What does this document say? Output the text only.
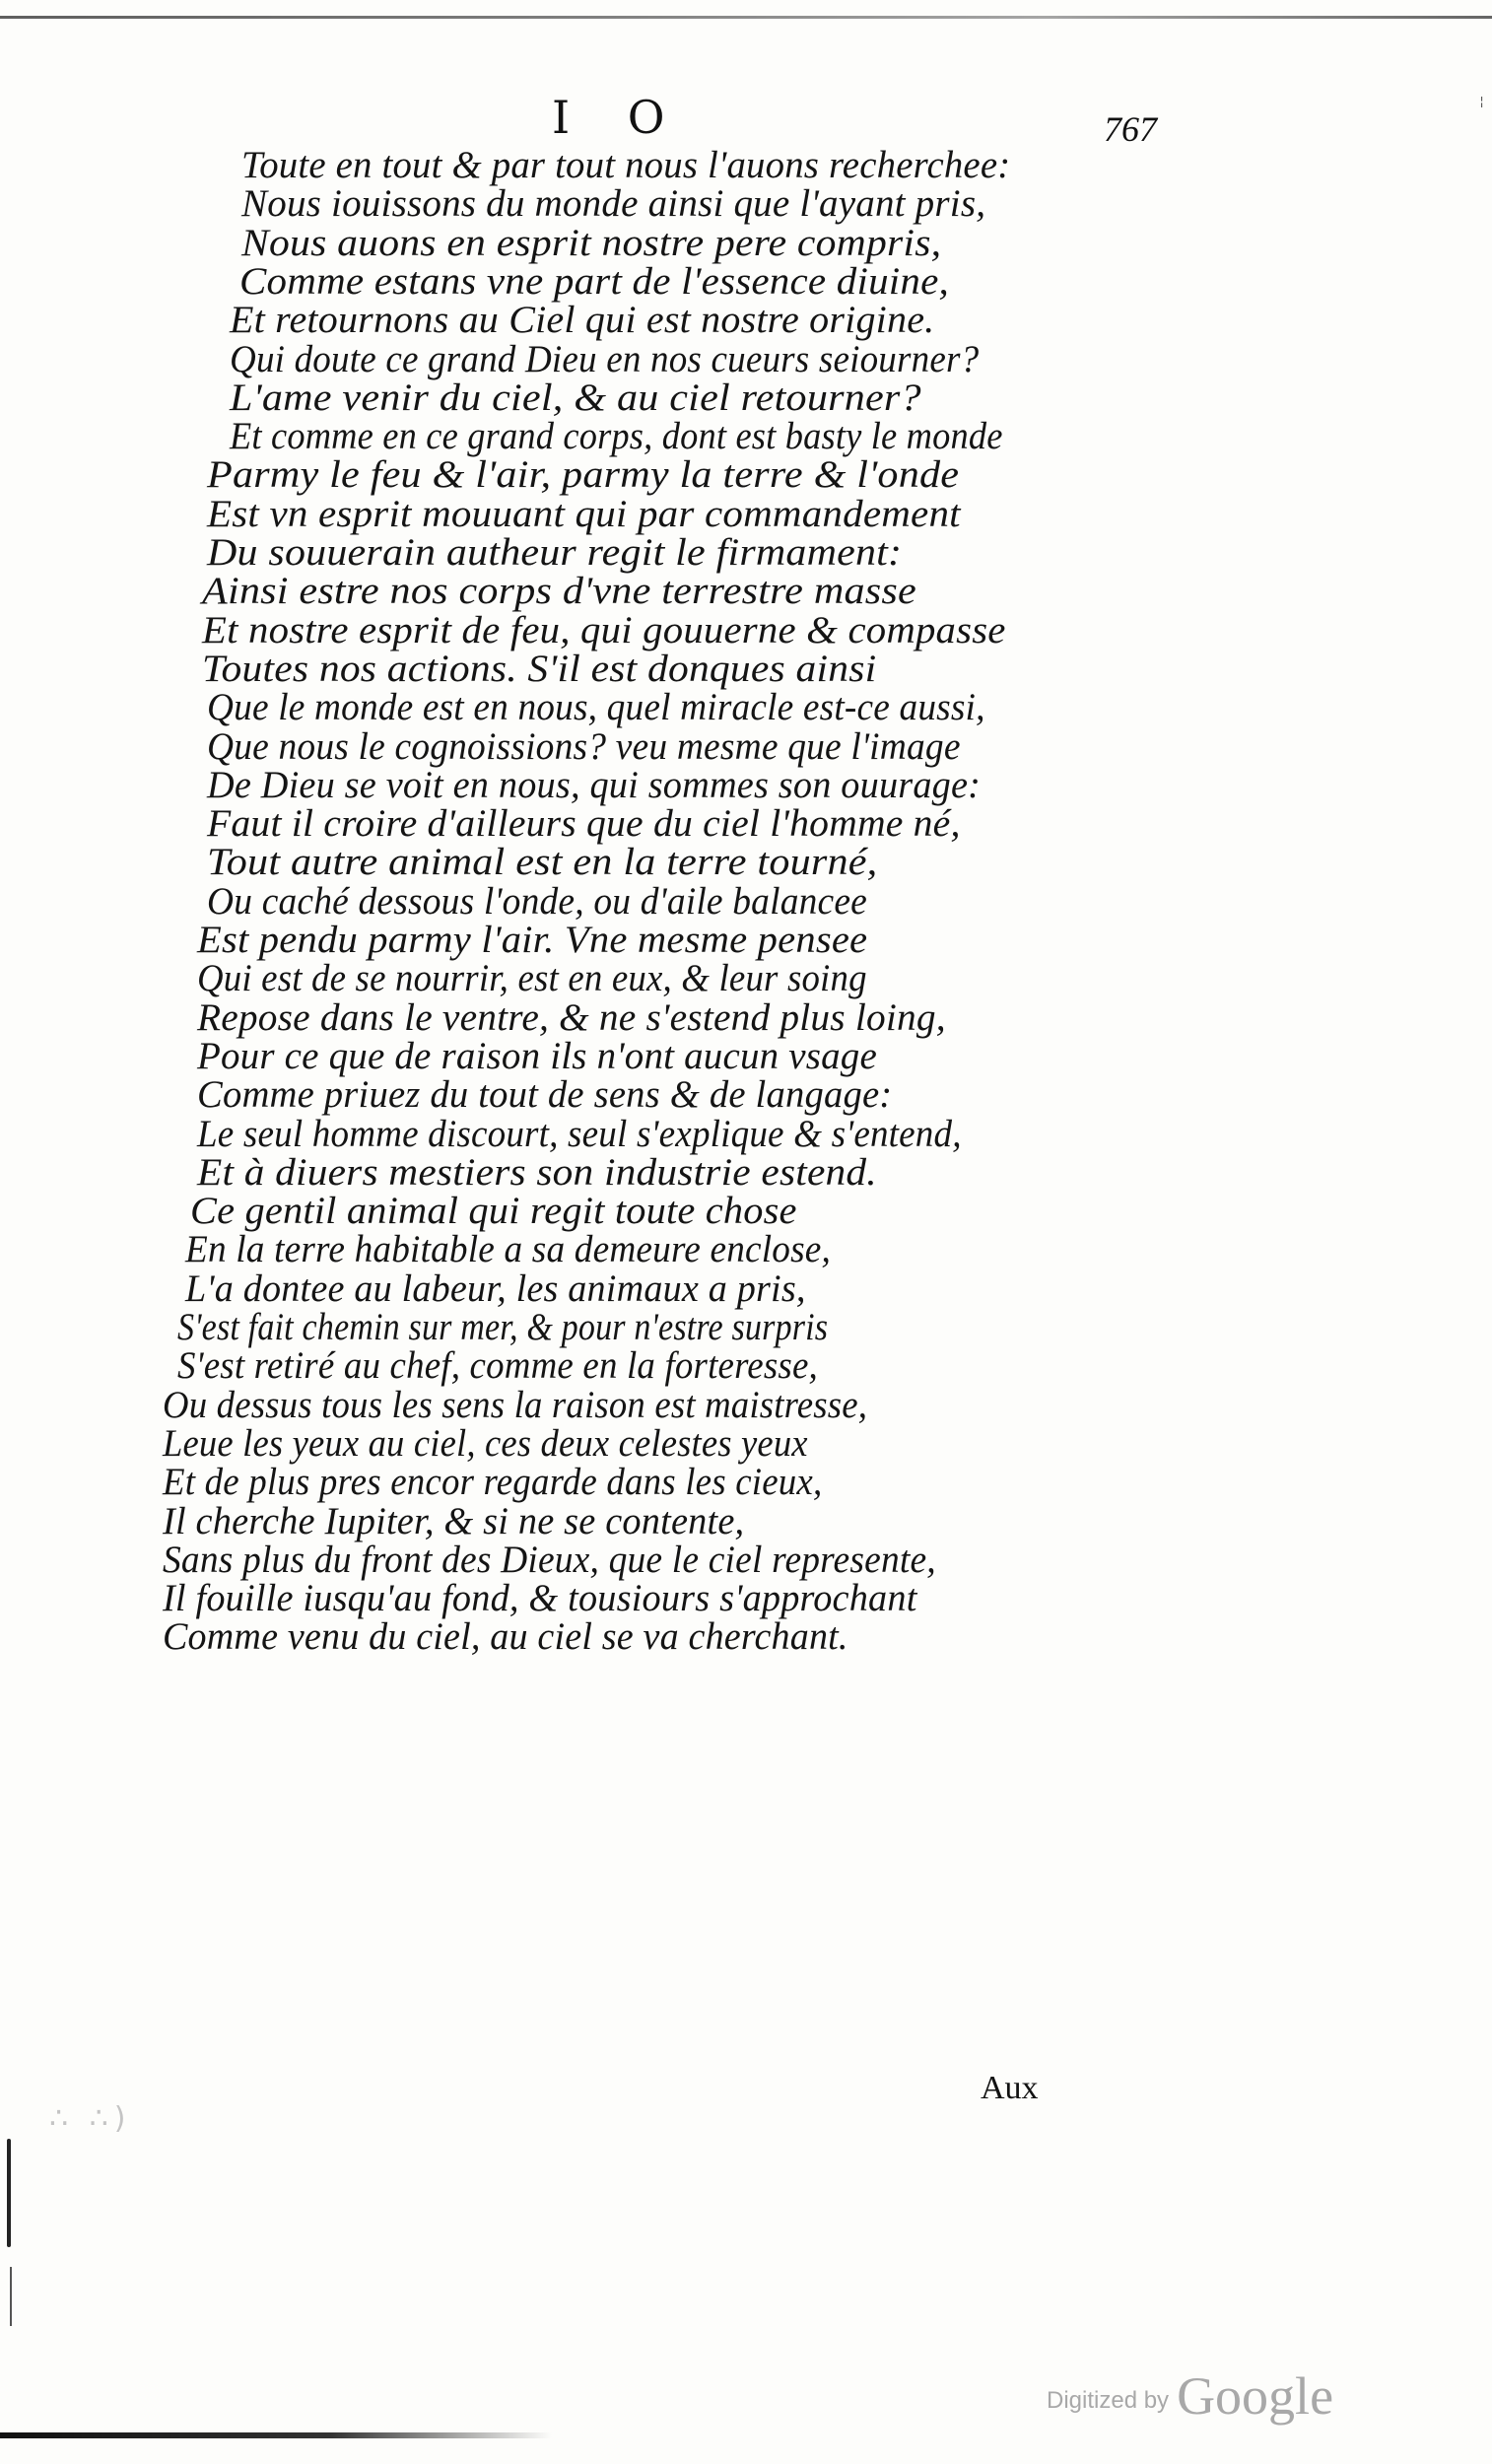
I O	767
¦
Toute en tout & par tout nous l'auons recherchee:
Nous iouissons du monde ainsi que l'ayant pris,
Nous auons en esprit nostre pere compris,
Comme estans vne part de l'essence diuine,
Et retournons au Ciel qui est nostre origine.
Qui doute ce grand Dieu en nos cueurs seiourner?
L'ame venir du ciel, & au ciel retourner?
Et comme en ce grand corps, dont est basty le monde
Parmy le feu & l'air, parmy la terre & l'onde
Est vn esprit mouuant qui par commandement
Du souuerain autheur regit le firmament:
Ainsi estre nos corps d'vne terrestre masse
Et nostre esprit de feu, qui gouuerne & compasse
Toutes nos actions. S'il est donques ainsi
Que le monde est en nous, quel miracle est-ce aussi,
Que nous le cognoissions? veu mesme que l'image
De Dieu se voit en nous, qui sommes son ouurage:
Faut il croire d'ailleurs que du ciel l'homme né,
Tout autre animal est en la terre tourné,
Ou caché dessous l'onde, ou d'aile balancee
Est pendu parmy l'air. Vne mesme pensee
Qui est de se nourrir, est en eux, & leur soing
Repose dans le ventre, & ne s'estend plus loing,
Pour ce que de raison ils n'ont aucun vsage
Comme priuez du tout de sens & de langage:
Le seul homme discourt, seul s'explique & s'entend,
Et à diuers mestiers son industrie estend.
Ce gentil animal qui regit toute chose
En la terre habitable a sa demeure enclose,
L'a dontee au labeur, les animaux a pris,
S'est fait chemin sur mer, & pour n'estre surpris
S'est retiré au chef, comme en la forteresse,
Ou dessus tous les sens la raison est maistresse,
Leue les yeux au ciel, ces deux celestes yeux
Et de plus pres encor regarde dans les cieux,
Il cherche Iupiter, & si ne se contente,
Sans plus du front des Dieux, que le ciel represente,
Il fouille iusqu'au fond, & tousiours s'approchant
Comme venu du ciel, au ciel se va cherchant.
Aux
∴ ∴)
Digitized by Google
